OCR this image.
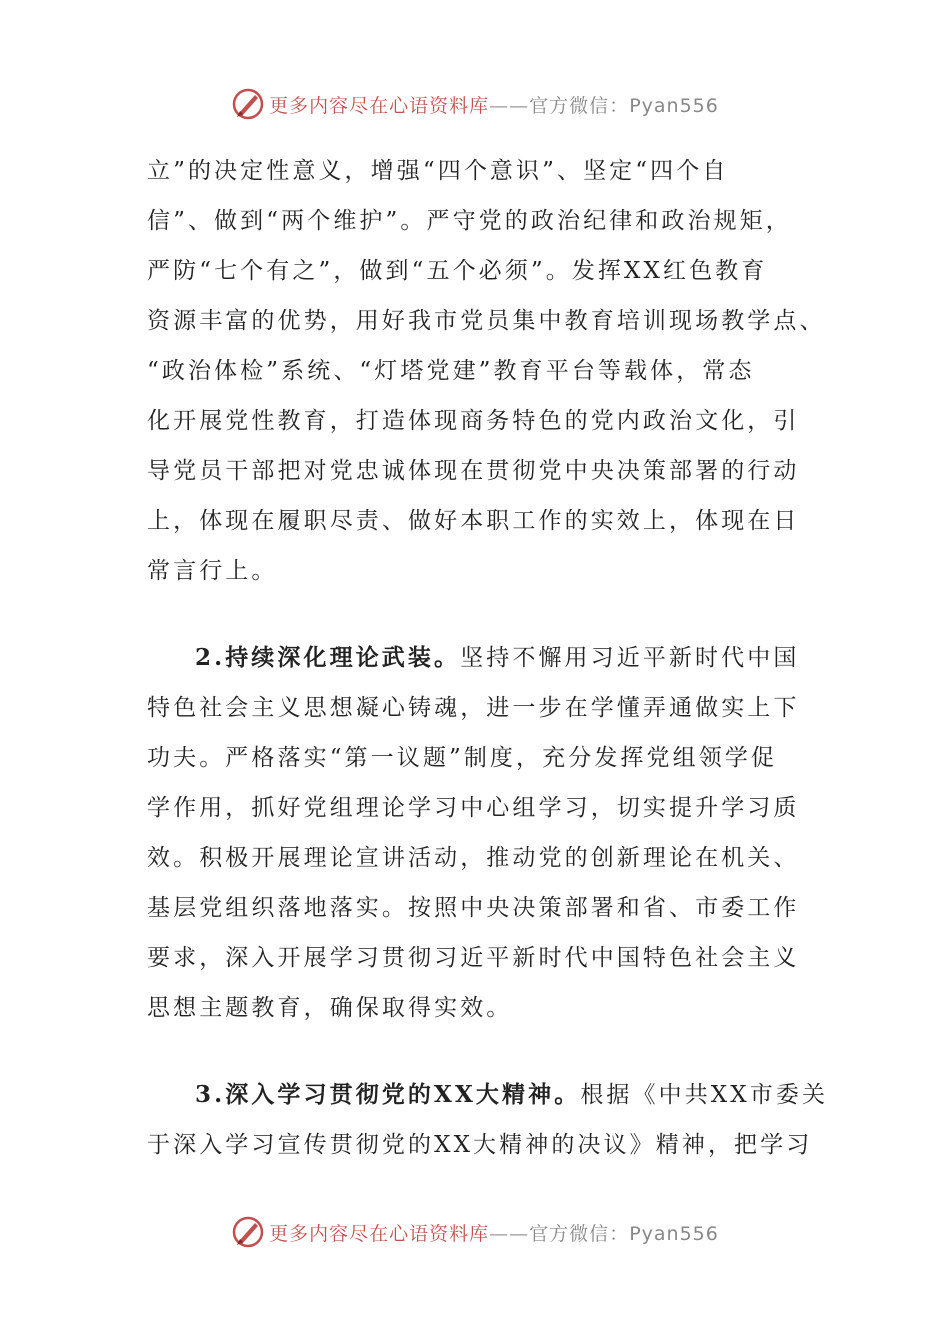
更多内容尽在心语资料库——官方微信：Pyan556
立”的决定性意义，增强“四个意识”、坚定“四个自
信”、做到“两个维护”。严守党的政治纪律和政治规矩，
严防“七个有之”，做到“五个必须”。发挥XX红色教育
资源丰富的优势，用好我市党员集中教育培训现场教学点、
“政治体检”系统、“灯塔党建”教育平台等载体，常态
化开展党性教育，打造体现商务特色的党内政治文化，引
导党员干部把对党忠诚体现在贯彻党中央决策部署的行动
上，体现在履职尽责、做好本职工作的实效上，体现在日
常言行上。
2.持续深化理论武装。坚持不懈用习近平新时代中国
特色社会主义思想凝心铸魂，进一步在学懂弄通做实上下
功夫。严格落实“第一议题”制度，充分发挥党组领学促
学作用，抓好党组理论学习中心组学习，切实提升学习质
效。积极开展理论宣讲活动，推动党的创新理论在机关、
基层党组织落地落实。按照中央决策部署和省、市委工作
要求，深入开展学习贯彻习近平新时代中国特色社会主义
思想主题教育，确保取得实效。
3.深入学习贯彻党的XX大精神。根据《中共XX市委关
于深入学习宣传贯彻党的XX大精神的决议》精神，把学习
更多内容尽在心语资料库——官方微信：Pyan556
